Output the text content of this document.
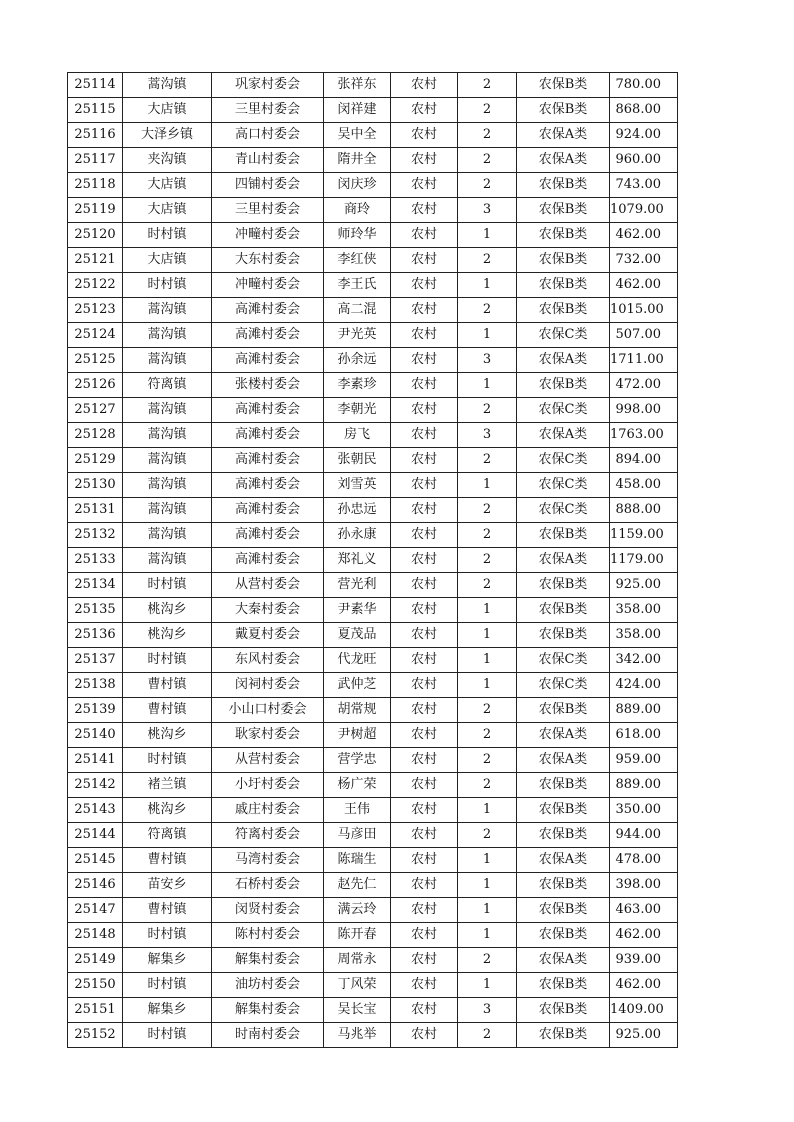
25114	蒿沟镇	巩家村委会	张祥东	农村	2	农保B类	780.00
25115	大店镇	三里村委会	闵祥建	农村	2	农保B类	868.00
25116	大泽乡镇	高口村委会	吴中全	农村	2	农保A类	924.00
25117	夹沟镇	青山村委会	隋井全	农村	2	农保A类	960.00
25118	大店镇	四铺村委会	闵庆珍	农村	2	农保B类	743.00
25119	大店镇	三里村委会	商玲	农村	3	农保B类	1079.00
25120	时村镇	冲疃村委会	师玲华	农村	1	农保B类	462.00
25121	大店镇	大东村委会	李红侠	农村	2	农保B类	732.00
25122	时村镇	冲疃村委会	李王氏	农村	1	农保B类	462.00
25123	蒿沟镇	高滩村委会	高二混	农村	2	农保B类	1015.00
25124	蒿沟镇	高滩村委会	尹光英	农村	1	农保C类	507.00
25125	蒿沟镇	高滩村委会	孙余远	农村	3	农保A类	1711.00
25126	符离镇	张楼村委会	李素珍	农村	1	农保B类	472.00
25127	蒿沟镇	高滩村委会	李朝光	农村	2	农保C类	998.00
25128	蒿沟镇	高滩村委会	房飞	农村	3	农保A类	1763.00
25129	蒿沟镇	高滩村委会	张朝民	农村	2	农保C类	894.00
25130	蒿沟镇	高滩村委会	刘雪英	农村	1	农保C类	458.00
25131	蒿沟镇	高滩村委会	孙忠远	农村	2	农保C类	888.00
25132	蒿沟镇	高滩村委会	孙永康	农村	2	农保B类	1159.00
25133	蒿沟镇	高滩村委会	郑礼义	农村	2	农保A类	1179.00
25134	时村镇	从营村委会	营光利	农村	2	农保B类	925.00
25135	桃沟乡	大秦村委会	尹素华	农村	1	农保B类	358.00
25136	桃沟乡	戴夏村委会	夏茂品	农村	1	农保B类	358.00
25137	时村镇	东风村委会	代龙旺	农村	1	农保C类	342.00
25138	曹村镇	闵祠村委会	武仲芝	农村	1	农保C类	424.00
25139	曹村镇	小山口村委会	胡常规	农村	2	农保B类	889.00
25140	桃沟乡	耿家村委会	尹树超	农村	2	农保A类	618.00
25141	时村镇	从营村委会	营学忠	农村	2	农保A类	959.00
25142	褚兰镇	小圩村委会	杨广荣	农村	2	农保B类	889.00
25143	桃沟乡	戚庄村委会	王伟	农村	1	农保B类	350.00
25144	符离镇	符离村委会	马彦田	农村	2	农保B类	944.00
25145	曹村镇	马湾村委会	陈瑞生	农村	1	农保A类	478.00
25146	苗安乡	石桥村委会	赵先仁	农村	1	农保B类	398.00
25147	曹村镇	闵贤村委会	满云玲	农村	1	农保B类	463.00
25148	时村镇	陈村村委会	陈开春	农村	1	农保B类	462.00
25149	解集乡	解集村委会	周常永	农村	2	农保A类	939.00
25150	时村镇	油坊村委会	丁风荣	农村	1	农保B类	462.00
25151	解集乡	解集村委会	吴长宝	农村	3	农保B类	1409.00
25152	时村镇	时南村委会	马兆举	农村	2	农保B类	925.00
